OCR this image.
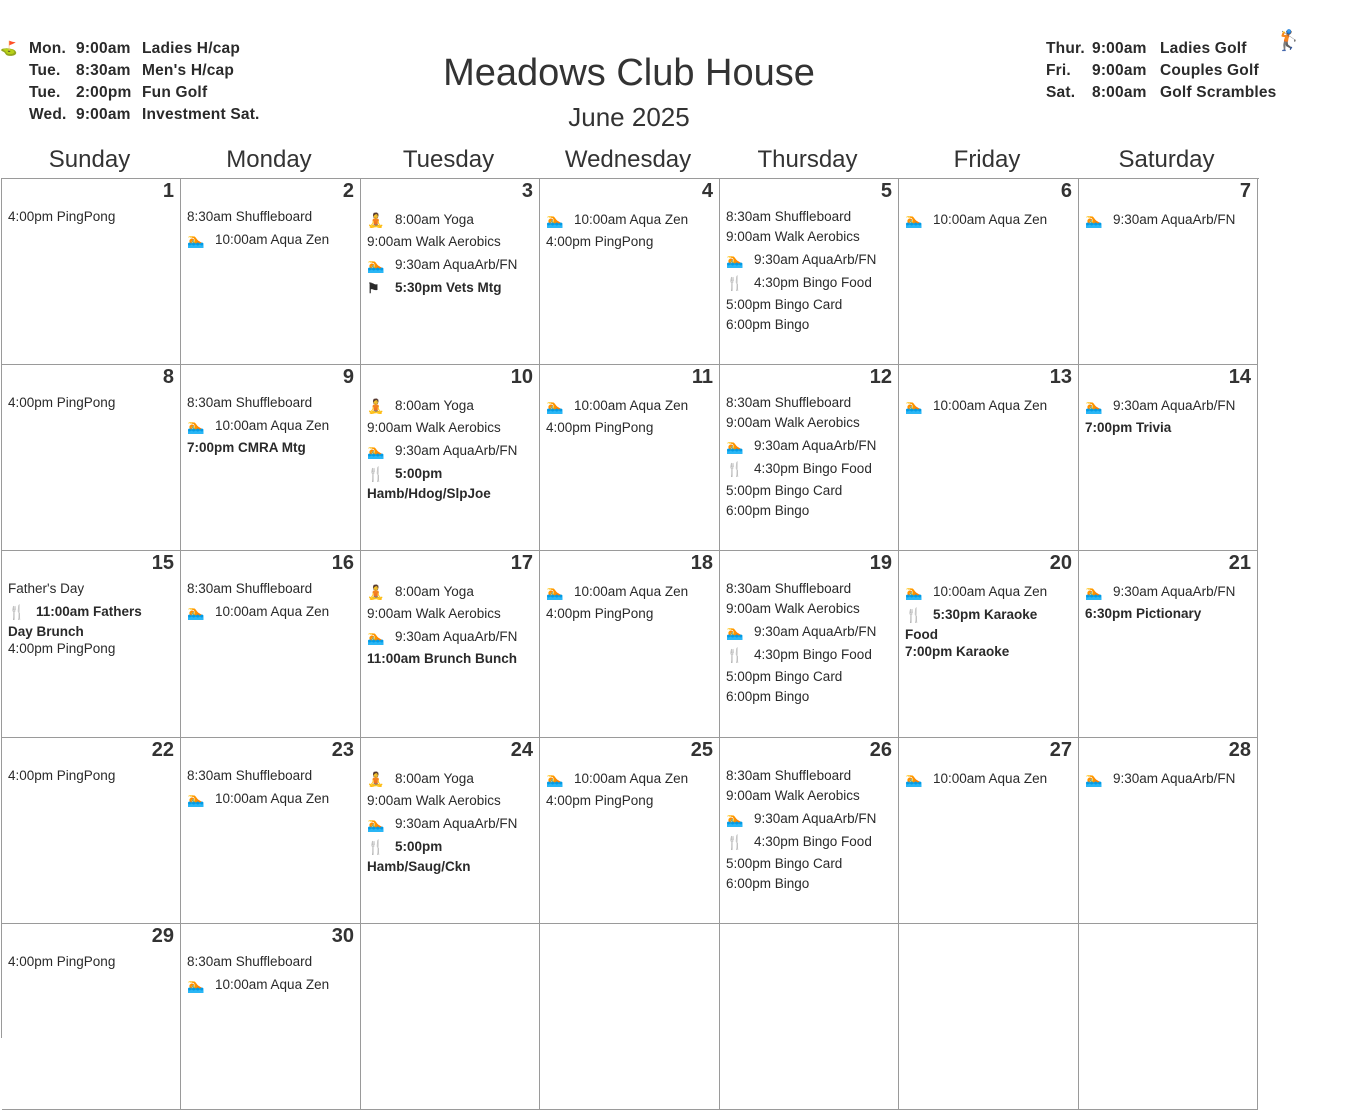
⛳ Mon. 9:00am Ladies H/cap
Tue. 8:30am Men's H/cap
Tue. 2:00pm Fun Golf
Wed. 9:00am Investment Sat.
Meadows Club House
June 2025
Thur. 9:00am Ladies Golf
Fri.	9:00am Couples Golf
Sat.	8:00am Golf Scrambles
🏌
Sunday	Monday	Tuesday	Wednesday	Thursday	Friday	Saturday
1
4:00pm PingPong
2
8:30am Shuffleboard
🏊 10:00am Aqua Zen
3
🧘 8:00am Yoga
9:00am Walk Aerobics
🏊 9:30am AquaArb/FN
⚑	5:30pm Vets Mtg
4
🏊 10:00am Aqua Zen
4:00pm PingPong
5
8:30am Shuffleboard
9:00am Walk Aerobics
🏊 9:30am AquaArb/FN
🍴 4:30pm Bingo Food
5:00pm Bingo Card
6:00pm Bingo
6
🏊 10:00am Aqua Zen
7
🏊 9:30am AquaArb/FN
8
4:00pm PingPong
9
8:30am Shuffleboard
🏊 10:00am Aqua Zen
7:00pm CMRA Mtg
10
🧘 8:00am Yoga
9:00am Walk Aerobics
🏊 9:30am AquaArb/FN
🍴 5:00pm
Hamb/Hdog/SlpJoe
11
🏊 10:00am Aqua Zen
4:00pm PingPong
12
8:30am Shuffleboard
9:00am Walk Aerobics
🏊 9:30am AquaArb/FN
🍴 4:30pm Bingo Food
5:00pm Bingo Card
6:00pm Bingo
13
🏊 10:00am Aqua Zen
14
🏊 9:30am AquaArb/FN
7:00pm Trivia
15
Father's Day
🍴 11:00am Fathers
Day Brunch
4:00pm PingPong
16
8:30am Shuffleboard
🏊 10:00am Aqua Zen
17
🧘 8:00am Yoga
9:00am Walk Aerobics
🏊 9:30am AquaArb/FN
11:00am Brunch Bunch
18
🏊 10:00am Aqua Zen
4:00pm PingPong
19
8:30am Shuffleboard
9:00am Walk Aerobics
🏊 9:30am AquaArb/FN
🍴 4:30pm Bingo Food
5:00pm Bingo Card
6:00pm Bingo
20
🏊 10:00am Aqua Zen
🍴 5:30pm Karaoke
Food
7:00pm Karaoke
21
🏊 9:30am AquaArb/FN
6:30pm Pictionary
22
4:00pm PingPong
23
8:30am Shuffleboard
🏊 10:00am Aqua Zen
24
🧘 8:00am Yoga
9:00am Walk Aerobics
🏊 9:30am AquaArb/FN
🍴 5:00pm
Hamb/Saug/Ckn
25
🏊 10:00am Aqua Zen
4:00pm PingPong
26
8:30am Shuffleboard
9:00am Walk Aerobics
🏊 9:30am AquaArb/FN
🍴 4:30pm Bingo Food
5:00pm Bingo Card
6:00pm Bingo
27
🏊 10:00am Aqua Zen
28
🏊 9:30am AquaArb/FN
29
4:00pm PingPong
30
8:30am Shuffleboard
🏊 10:00am Aqua Zen
